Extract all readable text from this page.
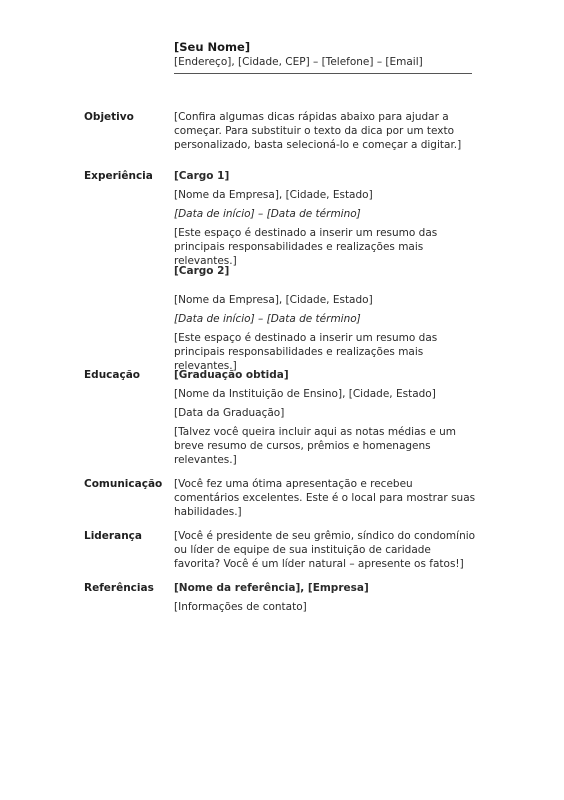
[Seu Nome]
[Endereço], [Cidade, CEP] – [Telefone] – [Email]
Objetivo	[Confira algumas dicas rápidas abaixo para ajudar a começar. Para substituir o texto da dica por um texto personalizado, basta selecioná-lo e começar a digitar.]
Experiência	[Cargo 1]
[Nome da Empresa], [Cidade, Estado]
[Data de início] – [Data de término]
[Este espaço é destinado a inserir um resumo das principais responsabilidades e realizações mais relevantes.]
[Cargo 2]
[Nome da Empresa], [Cidade, Estado]
[Data de início] – [Data de término]
[Este espaço é destinado a inserir um resumo das principais responsabilidades e realizações mais relevantes.]
Educação	[Graduação obtida]
[Nome da Instituição de Ensino], [Cidade, Estado]
[Data da Graduação]
[Talvez você queira incluir aqui as notas médias e um breve resumo de cursos, prêmios e homenagens relevantes.]
Comunicação	[Você fez uma ótima apresentação e recebeu comentários excelentes. Este é o local para mostrar suas habilidades.]
Liderança	[Você é presidente de seu grêmio, síndico do condomínio ou líder de equipe de sua instituição de caridade favorita? Você é um líder natural – apresente os fatos!]
Referências	[Nome da referência], [Empresa]
[Informações de contato]
